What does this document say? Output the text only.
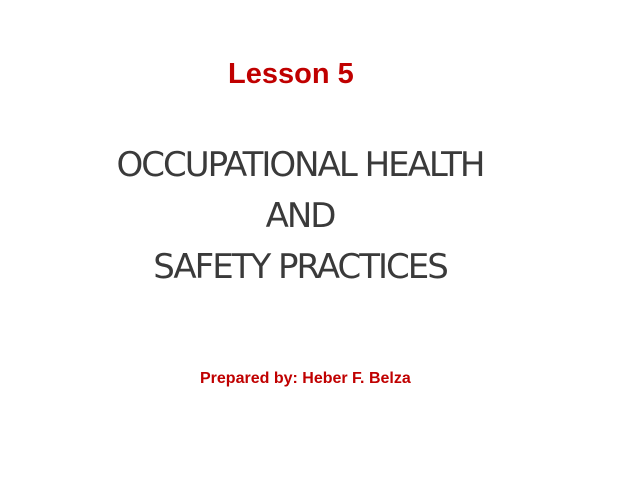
Lesson 5
OCCUPATIONAL HEALTH
AND
SAFETY PRACTICES
Prepared by: Heber F. Belza
